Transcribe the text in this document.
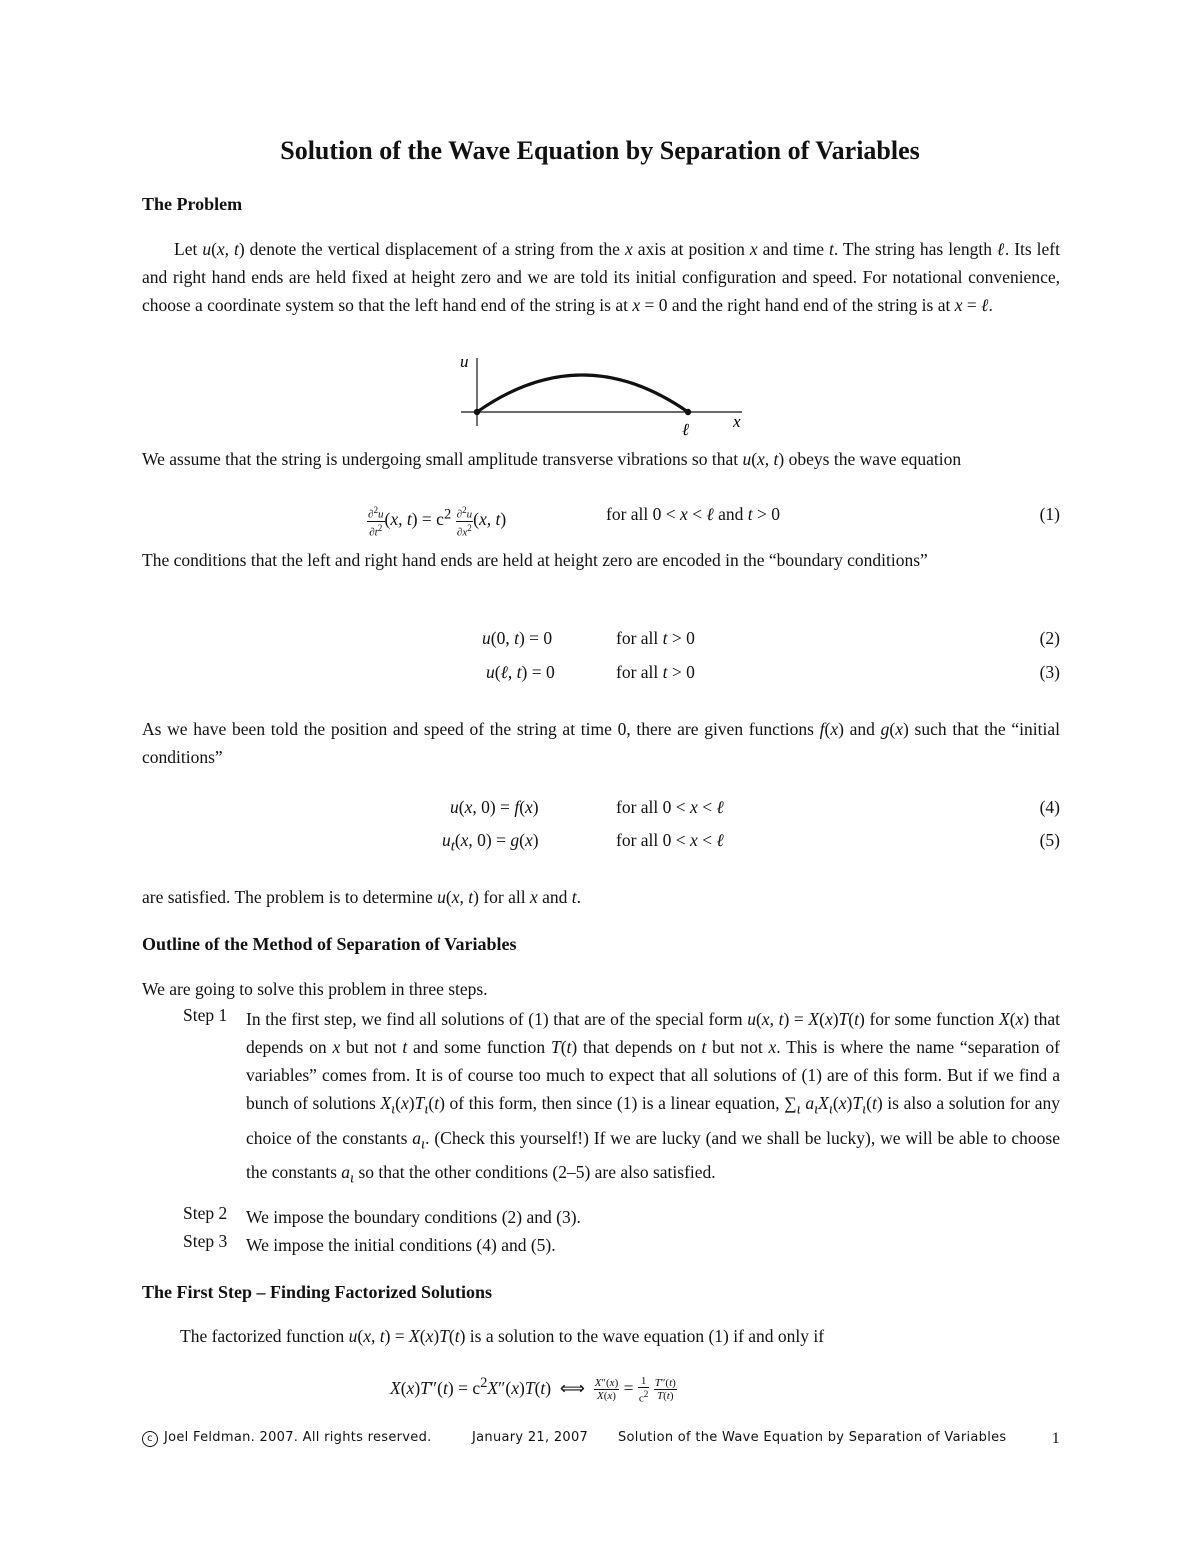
Solution of the Wave Equation by Separation of Variables
The Problem
Let u(x, t) denote the vertical displacement of a string from the x axis at position x and time t. The string has length ℓ. Its left and right hand ends are held fixed at height zero and we are told its initial configuration and speed. For notational convenience, choose a coordinate system so that the left hand end of the string is at x = 0 and the right hand end of the string is at x = ℓ.
u
x
ℓ
We assume that the string is undergoing small amplitude transverse vibrations so that u(x, t) obeys the wave equation
$\frac{\partial^2u}{\partial t^2} (x$, $t) = c^2 \frac{\partial^2u}{\partial x^2} (x$, t)	for all 0 < x < ℓ and t > 0	(1)
The conditions that the left and right hand ends are held at height zero are encoded in the “boundary conditions”
u(0, t) = 0	for all t > 0	(2)
u(ℓ, t) = 0	for all t > 0	(3)
As we have been told the position and speed of the string at time 0, there are given functions f(x) and g(x) such that the “initial conditions”
u(x, 0) = f(x)	for all 0 < x < ℓ	(4)
$u_t(x$, 0) = g(x)	for all 0 < x < ℓ	(5)
are satisfied. The problem is to determine u(x, t) for all x and t.
Outline of the Method of Separation of Variables
We are going to solve this problem in three steps.
Step 1 In the first step, we find all solutions of (1) that are of the special form u(x, t) = X(x)T(t) for some function X(x) that depends on x but not t and some function T(t) that depends on t but not x. This is where the name “separation of variables” comes from. It is of course too much to expect that all solutions of (1) are of this form. But if we find a bunch of solutions $X_\iota(x)T_\iota(t)$ of this form, then since (1) is a linear equation, $\sum_\iota$ $a_\iota X_\iota(x)T_\iota(t)$ is also a solution for any choice of the constants $a_\iota$. (Check this yourself!) If we are lucky (and we shall be lucky), we will be able to choose the constants $a_\iota$ so that the other conditions (2–5) are also satisfied.
Step 2 We impose the boundary conditions (2) and (3).
Step 3 We impose the initial conditions (4) and (5).
The First Step – Finding Factorized Solutions
The factorized function u(x, t) = X(x)T(t) is a solution to the wave equation (1) if and only if
$X(x)T''(t) = c^2X''(x)T(t)$  ⟺ $\frac{X''(x)}{X(x)} = \frac{1}{c^2}$
$\frac{T''(t)}{T(t)}$
c Joel Feldman. 2007. All rights reserved.	January 21, 2007 Solution of the Wave Equation by Separation of Variables	1
